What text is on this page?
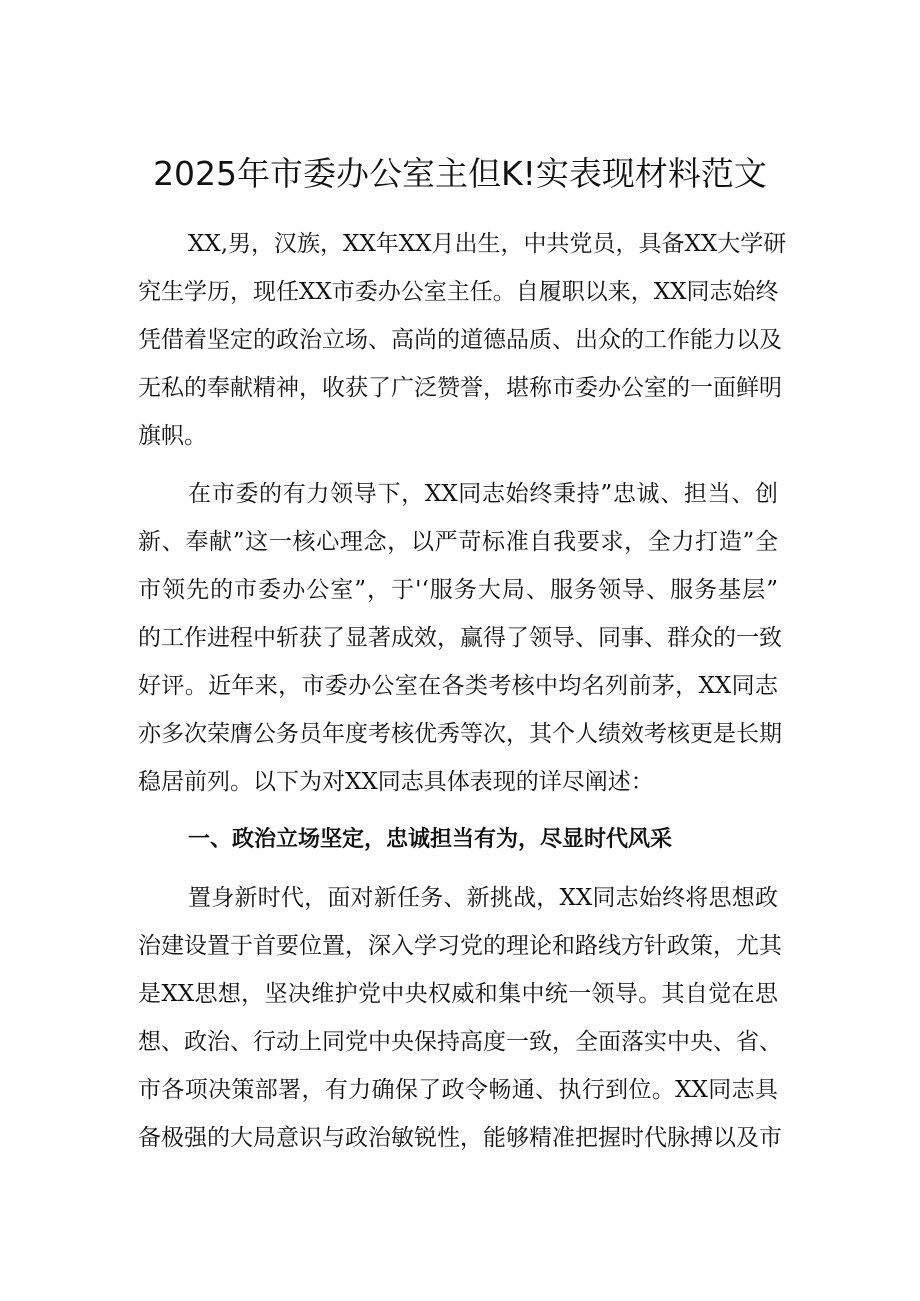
2025年市委办公室主但K!实表现材料范文
XX,男，汉族，XX年XX月出生，中共党员，具备XX大学研
究生学历，现任XX市委办公室主任。自履职以来，XX同志始终
凭借着坚定的政治立场、高尚的道德品质、出众的工作能力以及
无私的奉献精神，收获了广泛赞誉，堪称市委办公室的一面鲜明
旗帜。
在市委的有力领导下，XX同志始终秉持”忠诚、担当、创
新、奉献”这一核心理念，以严苛标准自我要求，全力打造”全
市领先的市委办公室”，于'‘服务大局、服务领导、服务基层”
的工作进程中斩获了显著成效，赢得了领导、同事、群众的一致
好评。近年来，市委办公室在各类考核中均名列前茅，XX同志
亦多次荣膺公务员年度考核优秀等次，其个人绩效考核更是长期
稳居前列。以下为对XX同志具体表现的详尽阐述：
一、政治立场坚定，忠诚担当有为，尽显时代风采
置身新时代，面对新任务、新挑战，XX同志始终将思想政
治建设置于首要位置，深入学习党的理论和路线方针政策，尤其
是XX思想，坚决维护党中央权威和集中统一领导。其自觉在思
想、政治、行动上同党中央保持高度一致，全面落实中央、省、
市各项决策部署，有力确保了政令畅通、执行到位。XX同志具
备极强的大局意识与政治敏锐性，能够精准把握时代脉搏以及市
